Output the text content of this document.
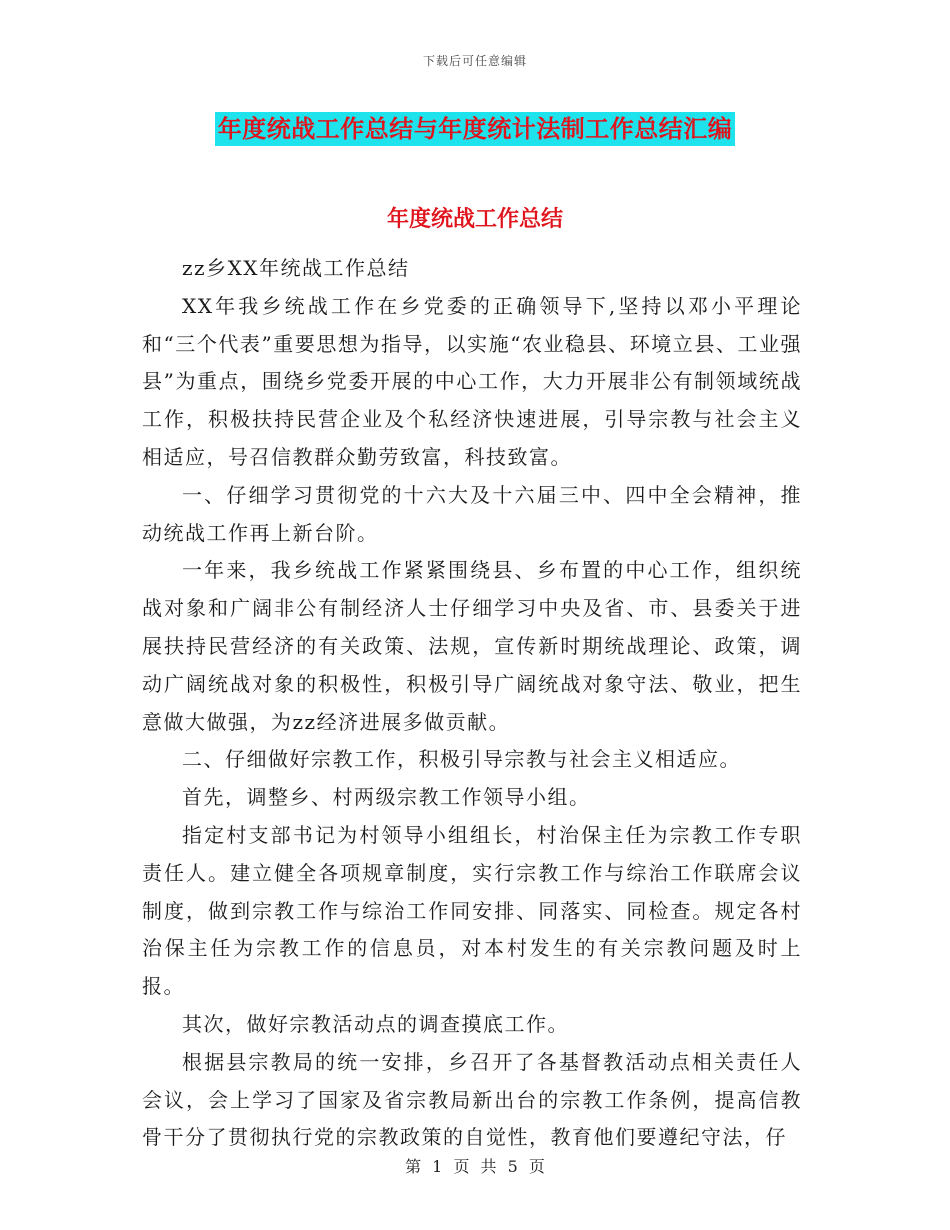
下载后可任意编辑
年度统战工作总结与年度统计法制工作总结汇编
年度统战工作总结

zz乡XX年统战工作总结

XX年我乡统战工作在乡党委的正确领导下,坚持以邓小平理论和“三个代表”重要思想为指导，以实施“农业稳县、环境立县、工业强县”为重点，围绕乡党委开展的中心工作，大力开展非公有制领域统战工作，积极扶持民营企业及个私经济快速进展，引导宗教与社会主义相适应，号召信教群众勤劳致富，科技致富。

一、仔细学习贯彻党的十六大及十六届三中、四中全会精神，推动统战工作再上新台阶。

一年来，我乡统战工作紧紧围绕县、乡布置的中心工作，组织统战对象和广阔非公有制经济人士仔细学习中央及省、市、县委关于进展扶持民营经济的有关政策、法规，宣传新时期统战理论、政策，调动广阔统战对象的积极性，积极引导广阔统战对象守法、敬业，把生意做大做强，为zz经济进展多做贡献。

二、仔细做好宗教工作，积极引导宗教与社会主义相适应。

首先，调整乡、村两级宗教工作领导小组。

指定村支部书记为村领导小组组长，村治保主任为宗教工作专职责任人。建立健全各项规章制度，实行宗教工作与综治工作联席会议制度，做到宗教工作与综治工作同安排、同落实、同检查。规定各村治保主任为宗教工作的信息员，对本村发生的有关宗教问题及时上报。

其次，做好宗教活动点的调查摸底工作。

根据县宗教局的统一安排，乡召开了各基督教活动点相关责任人会议，会上学习了国家及省宗教局新出台的宗教工作条例，提高信教骨干分了贯彻执行党的宗教政策的自觉性，教育他们要遵纪守法，仔

第 1 页 共 5 页
